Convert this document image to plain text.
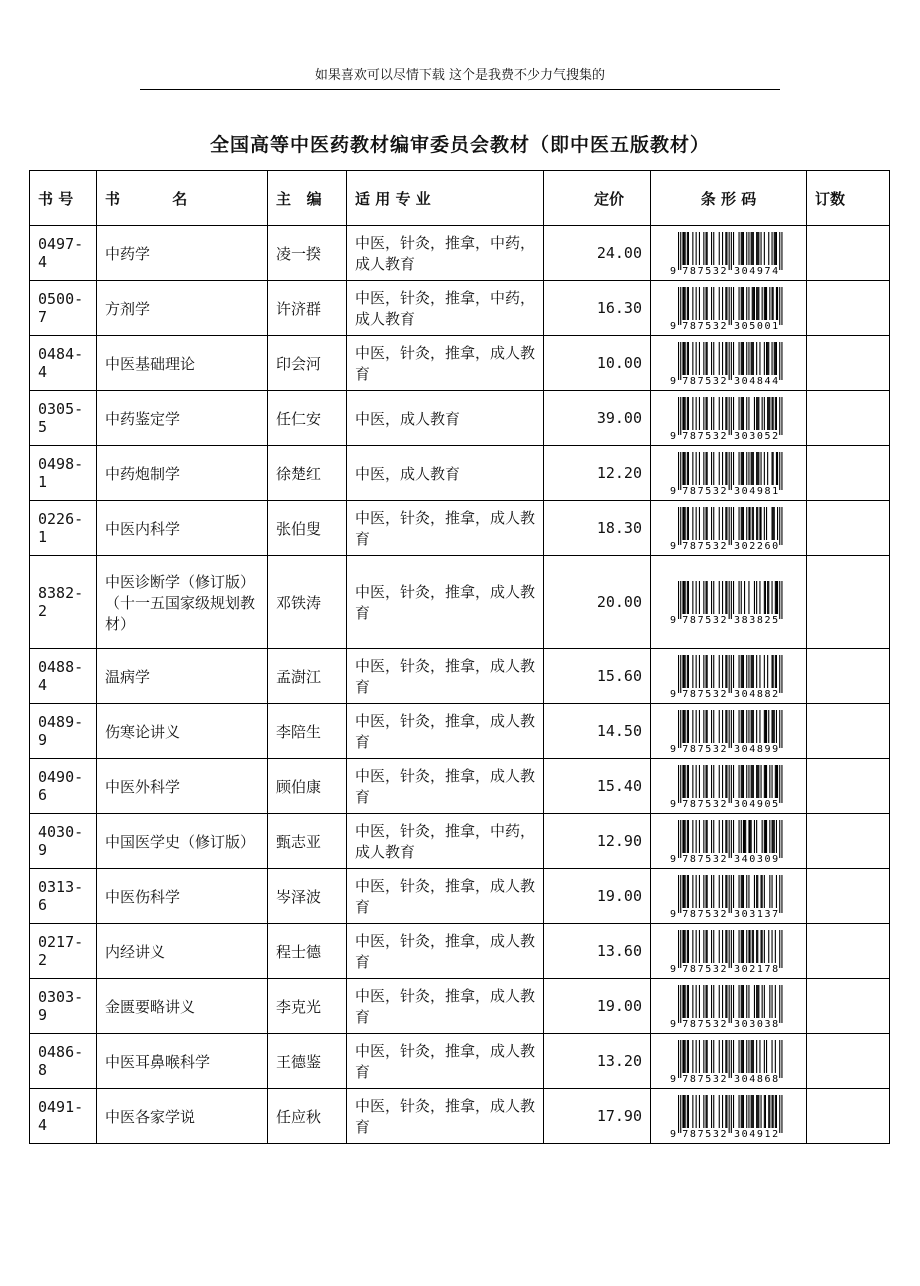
如果喜欢可以尽情下载 这个是我费不少力气搜集的
全国高等中医药教材编审委员会教材（即中医五版教材）
书 号	书          名	主   编	适 用 专 业	定价	条 形 码	订数
0497-4	中药学	凌一揆	中医，针灸，推拿，中药，成人教育	24.00	9 787532 304974	

0500-7	方剂学	许济群	中医，针灸，推拿，中药，成人教育	16.30	9 787532 305001	

0484-4	中医基础理论	印会河	中医，针灸，推拿，成人教育	10.00	9 787532 304844	

0305-5	中药鉴定学	任仁安	中医，成人教育	39.00	9 787532 303052	

0498-1	中药炮制学	徐楚红	中医，成人教育	12.20	9 787532 304981	

0226-1	中医内科学	张伯叟	中医，针灸，推拿，成人教育	18.30	9 787532 302260	

8382-2	中医诊断学（修订版）（十一五国家级规划教材）	邓铁涛	中医，针灸，推拿，成人教育	20.00	9 787532 383825	

0488-4	温病学	孟澍江	中医，针灸，推拿，成人教育	15.60	9 787532 304882	

0489-9	伤寒论讲义	李陪生	中医，针灸，推拿，成人教育	14.50	9 787532 304899	

0490-6	中医外科学	顾伯康	中医，针灸，推拿，成人教育	15.40	9 787532 304905	

4030-9	中国医学史（修订版）	甄志亚	中医，针灸，推拿，中药，成人教育	12.90	9 787532 340309	

0313-6	中医伤科学	岑泽波	中医，针灸，推拿，成人教育	19.00	9 787532 303137	

0217-2	内经讲义	程士德	中医，针灸，推拿，成人教育	13.60	9 787532 302178	

0303-9	金匮要略讲义	李克光	中医，针灸，推拿，成人教育	19.00	9 787532 303038	

0486-8	中医耳鼻喉科学	王德鉴	中医，针灸，推拿，成人教育	13.20	9 787532 304868	

0491-4	中医各家学说	任应秋	中医，针灸，推拿，成人教育	17.90	9 787532 304912	
